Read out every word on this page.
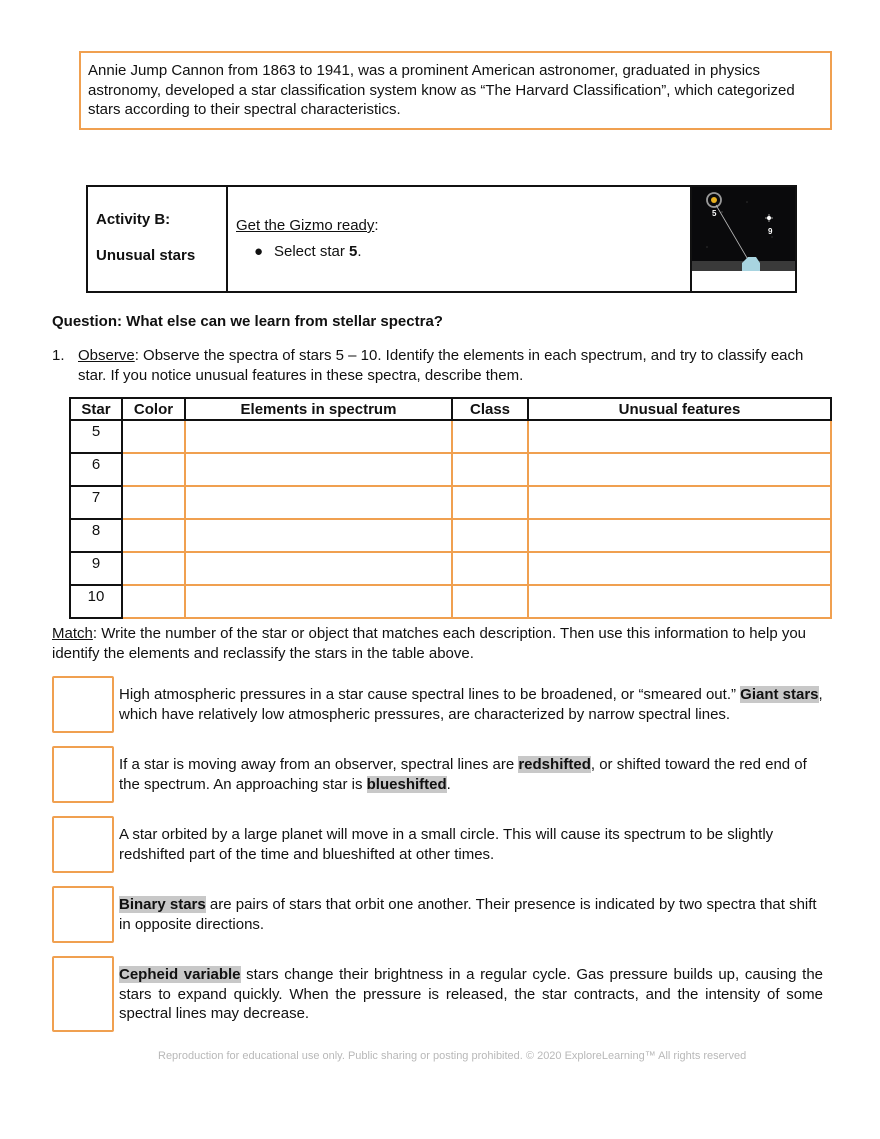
Annie Jump Cannon from 1863 to 1941, was a prominent American astronomer, graduated in physics astronomy, developed a star classification system know as “The Harvard Classification”, which categorized stars according to their spectral characteristics.
Activity B:
Unusual stars
Get the Gizmo ready:
● Select star 5.
5
9
Question: What else can we learn from stellar spectra?
1. Observe: Observe the spectra of stars 5 – 10. Identify the elements in each spectrum, and try to classify each star. If you notice unusual features in these spectra, describe them.
Star	Color	Elements in spectrum	Class	Unusual features
5				
6				
7				
8				
9				
10				
Match: Write the number of the star or object that matches each description. Then use this information to help you identify the elements and reclassify the stars in the table above.
High atmospheric pressures in a star cause spectral lines to be broadened, or “smeared out.” Giant stars, which have relatively low atmospheric pressures, are characterized by narrow spectral lines.
If a star is moving away from an observer, spectral lines are redshifted, or shifted toward the red end of the spectrum. An approaching star is blueshifted.
A star orbited by a large planet will move in a small circle. This will cause its spectrum to be slightly redshifted part of the time and blueshifted at other times.
Binary stars are pairs of stars that orbit one another. Their presence is indicated by two spectra that shift in opposite directions.
Cepheid variable stars change their brightness in a regular cycle. Gas pressure builds up, causing the stars to expand quickly. When the pressure is released, the star contracts, and the intensity of some spectral lines may decrease.
Reproduction for educational use only. Public sharing or posting prohibited. © 2020 ExploreLearning™ All rights reserved
